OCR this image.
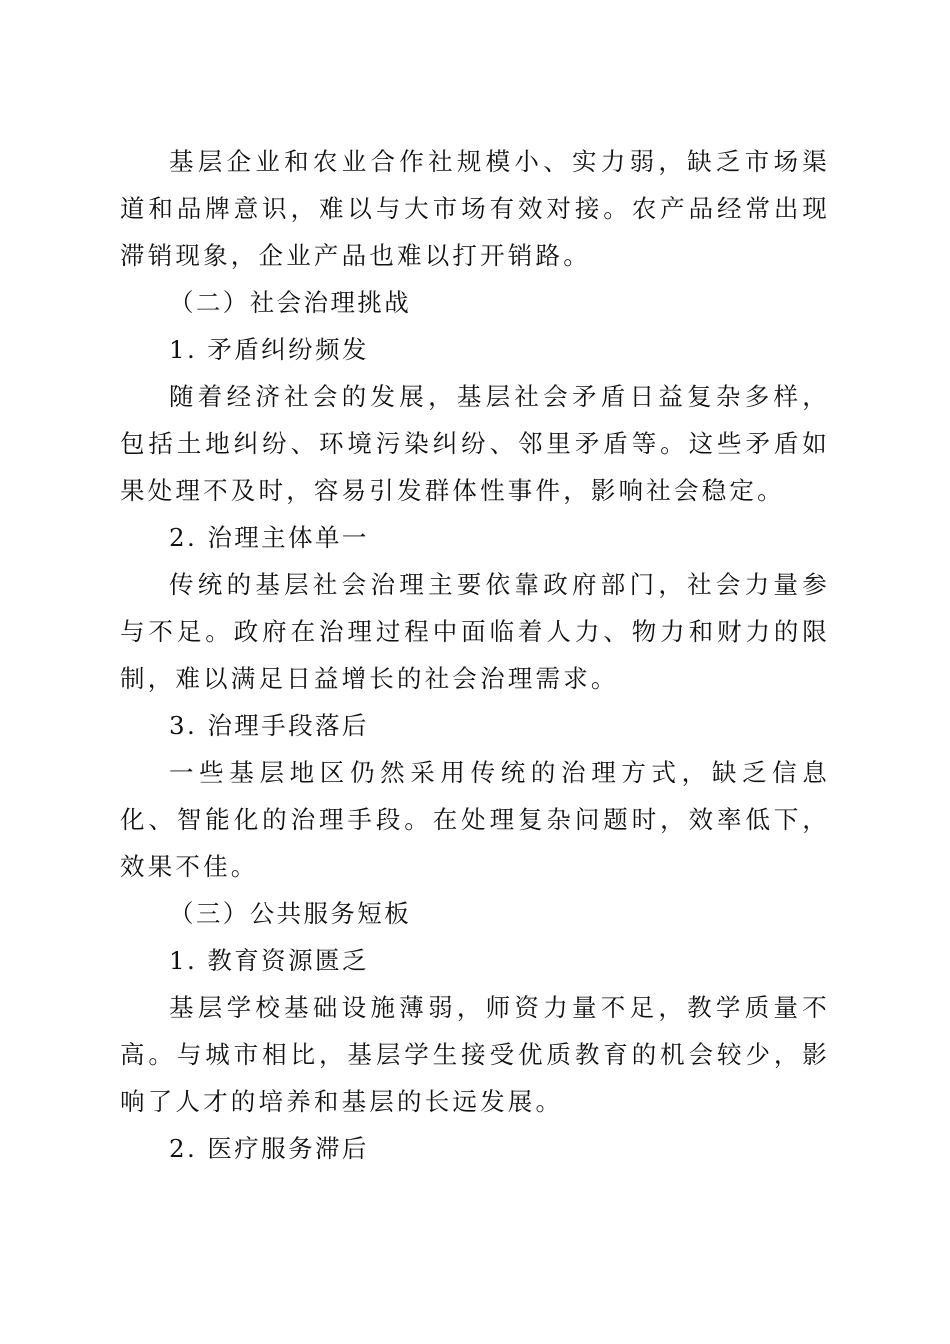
基层企业和农业合作社规模小、实力弱，缺乏市场渠道和品牌意识，难以与大市场有效对接。农产品经常出现滞销现象，企业产品也难以打开销路。

（二）社会治理挑战

1. 矛盾纠纷频发

随着经济社会的发展，基层社会矛盾日益复杂多样，包括土地纠纷、环境污染纠纷、邻里矛盾等。这些矛盾如果处理不及时，容易引发群体性事件，影响社会稳定。

2. 治理主体单一

传统的基层社会治理主要依靠政府部门，社会力量参与不足。政府在治理过程中面临着人力、物力和财力的限制，难以满足日益增长的社会治理需求。

3. 治理手段落后

一些基层地区仍然采用传统的治理方式，缺乏信息化、智能化的治理手段。在处理复杂问题时，效率低下，效果不佳。

（三）公共服务短板

1. 教育资源匮乏

基层学校基础设施薄弱，师资力量不足，教学质量不高。与城市相比，基层学生接受优质教育的机会较少，影响了人才的培养和基层的长远发展。

2. 医疗服务滞后
